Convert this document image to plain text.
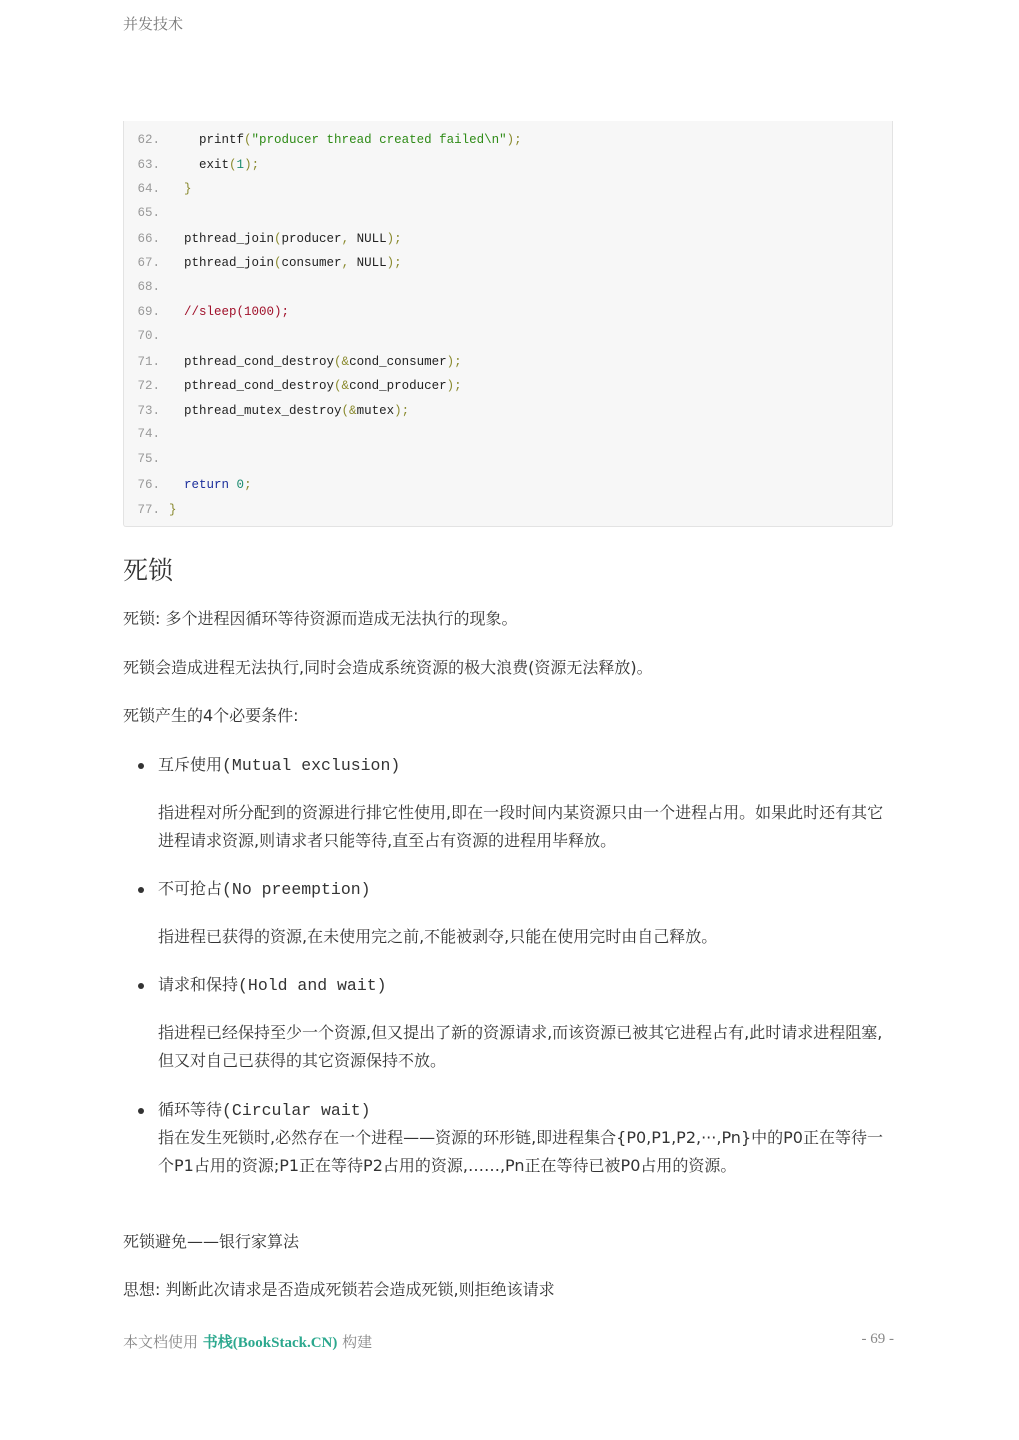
并发技术
62.	printf("producer thread created failed\n");
63.	exit(1);
64. }
65.
66. pthread_join(producer, NULL);
67. pthread_join(consumer, NULL);
68.
69. //sleep(1000);
70.
71. pthread_cond_destroy(&cond_consumer);
72. pthread_cond_destroy(&cond_producer);
73. pthread_mutex_destroy(&mutex);
74.
75.
76. return 0;
77. }
死锁

死锁: 多个进程因循环等待资源而造成无法执行的现象。

死锁会造成进程无法执行,同时会造成系统资源的极大浪费(资源无法释放)。

死锁产生的4个必要条件:

互斥使用(Mutual exclusion)

指进程对所分配到的资源进行排它性使用,即在一段时间内某资源只由一个进程占用。如果此时还有其它进程请求资源,则请求者只能等待,直至占有资源的进程用毕释放。

不可抢占(No preemption)

指进程已获得的资源,在未使用完之前,不能被剥夺,只能在使用完时由自己释放。

请求和保持(Hold and wait)

指进程已经保持至少一个资源,但又提出了新的资源请求,而该资源已被其它进程占有,此时请求进程阻塞,但又对自己已获得的其它资源保持不放。

循环等待(Circular wait)

指在发生死锁时,必然存在一个进程——资源的环形链,即进程集合{P0,P1,P2,···,Pn}中的P0正在等待一个P1占用的资源;P1正在等待P2占用的资源,……,Pn正在等待已被P0占用的资源。

死锁避免——银行家算法

思想: 判断此次请求是否造成死锁若会造成死锁,则拒绝该请求

本文档使用 书栈(BookStack.CN) 构建	- 69 -
